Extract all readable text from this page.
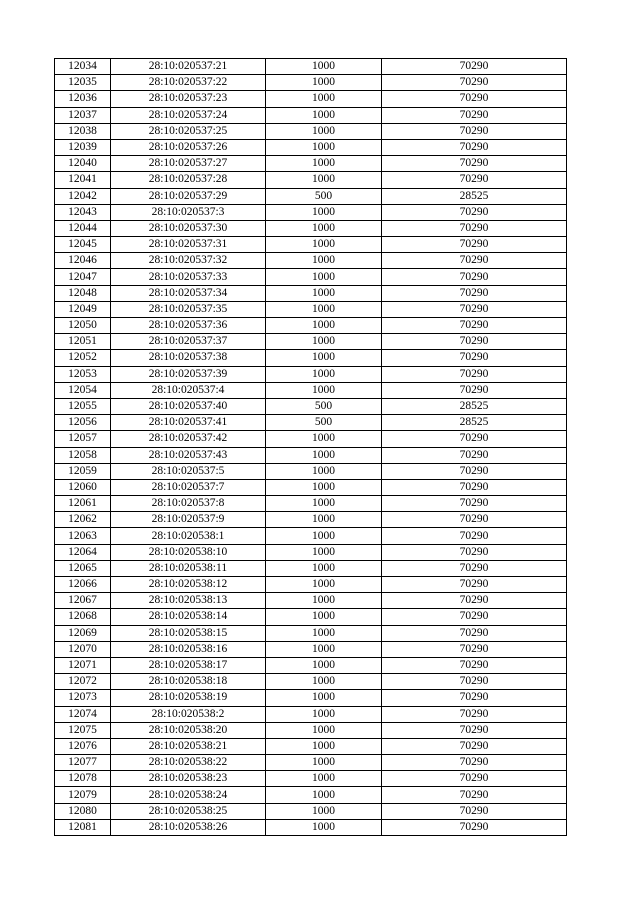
12034	28:10:020537:21	1000	70290
12035	28:10:020537:22	1000	70290
12036	28:10:020537:23	1000	70290
12037	28:10:020537:24	1000	70290
12038	28:10:020537:25	1000	70290
12039	28:10:020537:26	1000	70290
12040	28:10:020537:27	1000	70290
12041	28:10:020537:28	1000	70290
12042	28:10:020537:29	500	28525
12043	28:10:020537:3	1000	70290
12044	28:10:020537:30	1000	70290
12045	28:10:020537:31	1000	70290
12046	28:10:020537:32	1000	70290
12047	28:10:020537:33	1000	70290
12048	28:10:020537:34	1000	70290
12049	28:10:020537:35	1000	70290
12050	28:10:020537:36	1000	70290
12051	28:10:020537:37	1000	70290
12052	28:10:020537:38	1000	70290
12053	28:10:020537:39	1000	70290
12054	28:10:020537:4	1000	70290
12055	28:10:020537:40	500	28525
12056	28:10:020537:41	500	28525
12057	28:10:020537:42	1000	70290
12058	28:10:020537:43	1000	70290
12059	28:10:020537:5	1000	70290
12060	28:10:020537:7	1000	70290
12061	28:10:020537:8	1000	70290
12062	28:10:020537:9	1000	70290
12063	28:10:020538:1	1000	70290
12064	28:10:020538:10	1000	70290
12065	28:10:020538:11	1000	70290
12066	28:10:020538:12	1000	70290
12067	28:10:020538:13	1000	70290
12068	28:10:020538:14	1000	70290
12069	28:10:020538:15	1000	70290
12070	28:10:020538:16	1000	70290
12071	28:10:020538:17	1000	70290
12072	28:10:020538:18	1000	70290
12073	28:10:020538:19	1000	70290
12074	28:10:020538:2	1000	70290
12075	28:10:020538:20	1000	70290
12076	28:10:020538:21	1000	70290
12077	28:10:020538:22	1000	70290
12078	28:10:020538:23	1000	70290
12079	28:10:020538:24	1000	70290
12080	28:10:020538:25	1000	70290
12081	28:10:020538:26	1000	70290
